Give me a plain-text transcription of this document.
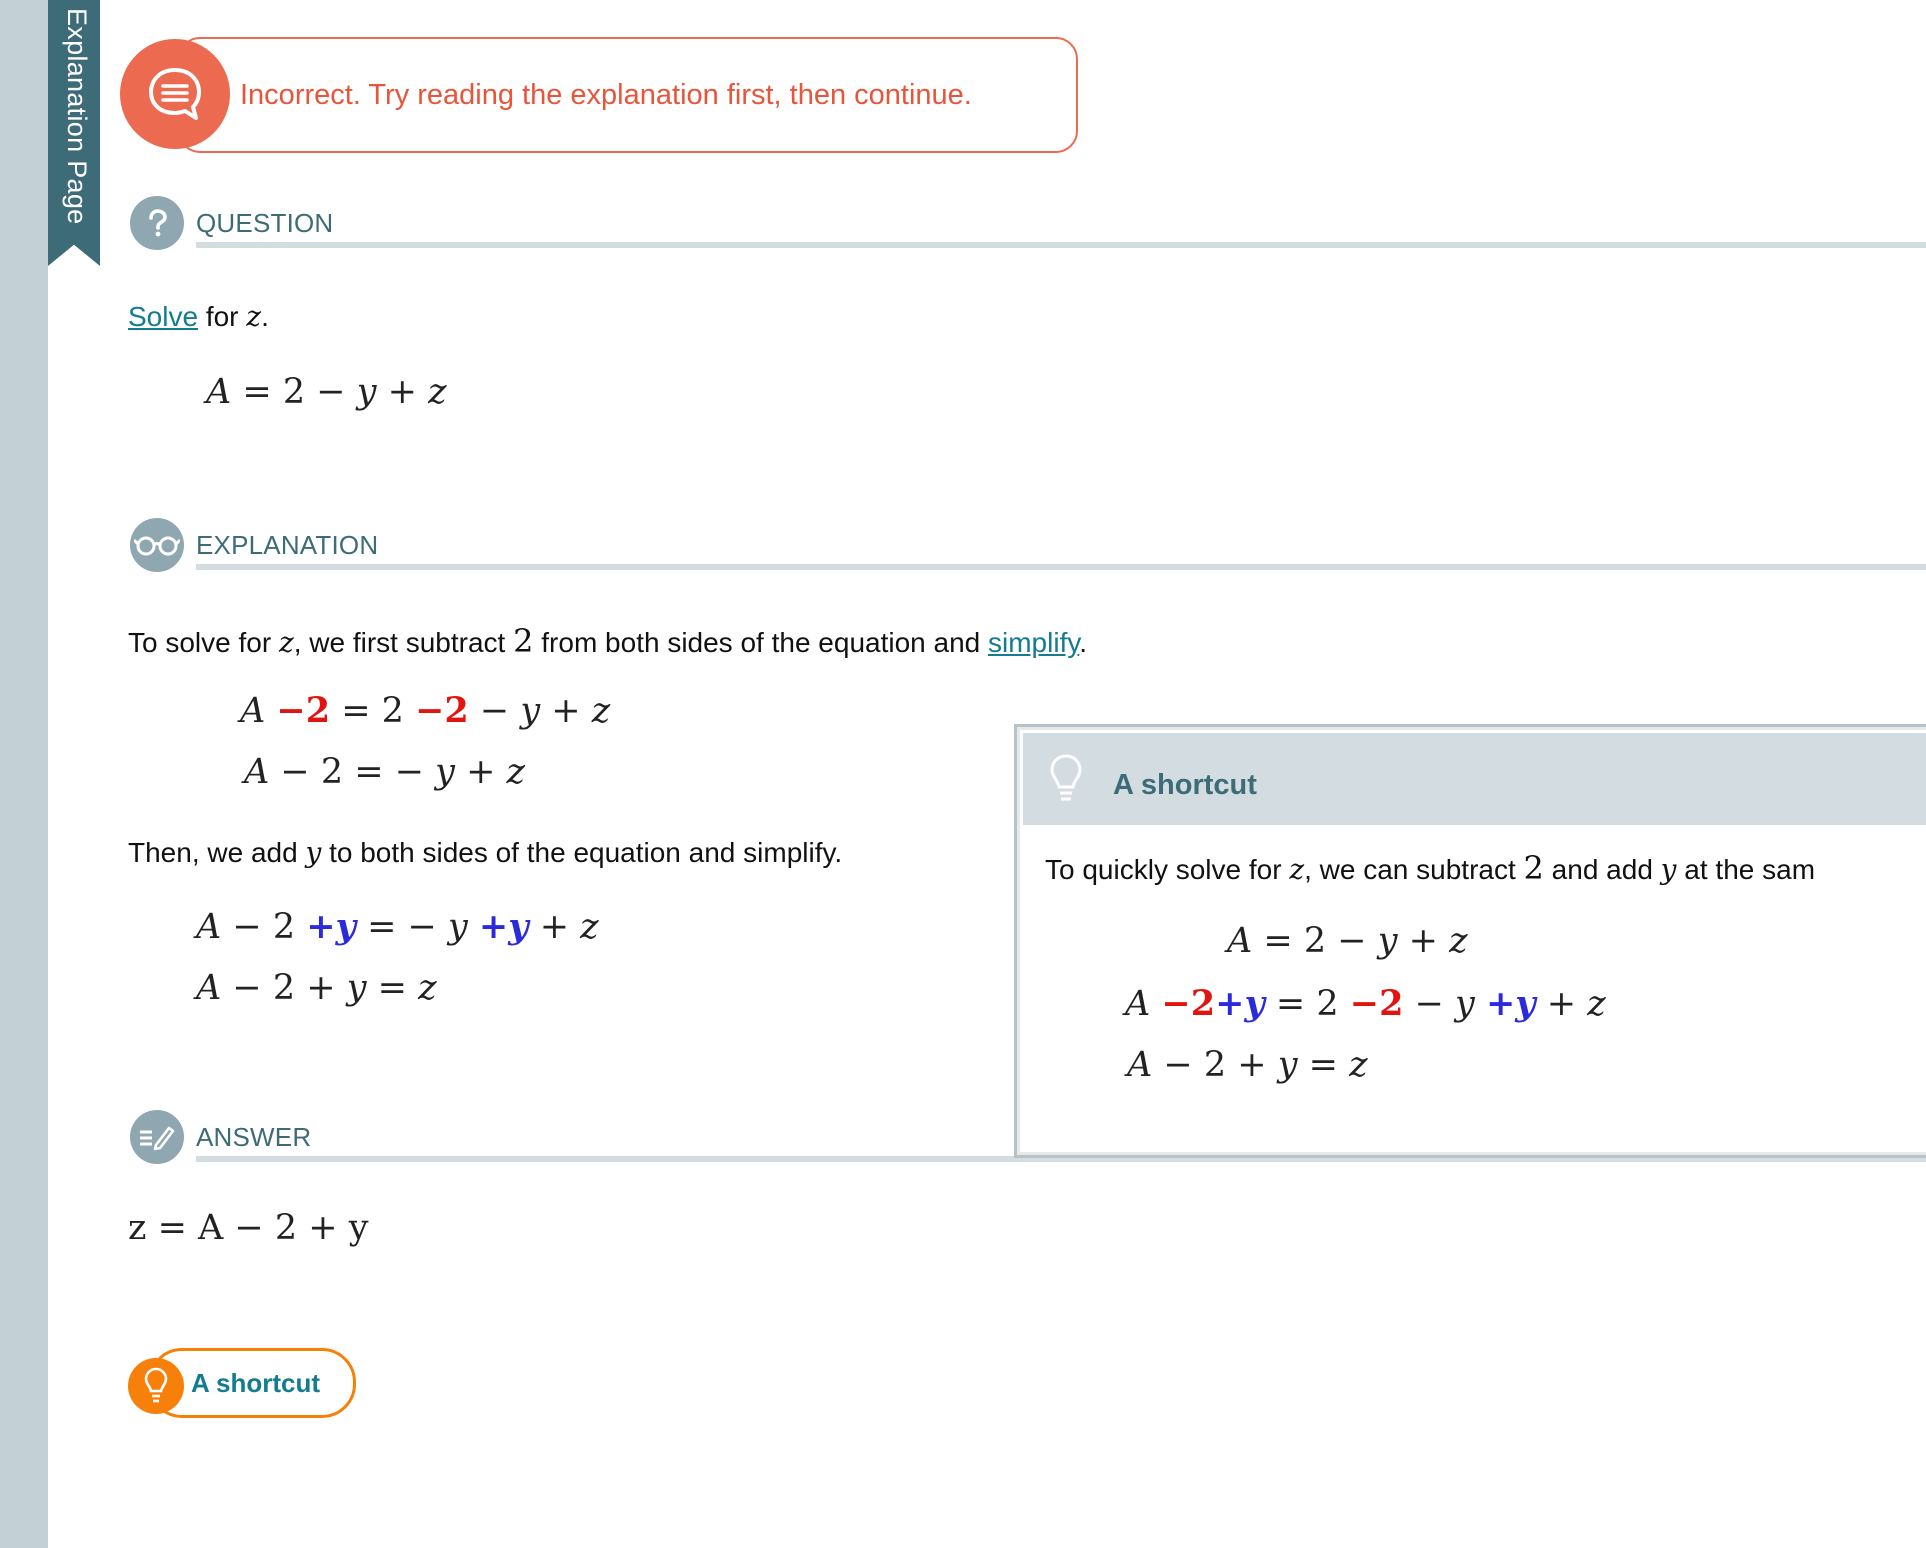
Explanation Page	Incorrect. Try reading the explanation first, then continue.
QUESTION
Solve for z.
A = 2 − y + z
EXPLANATION
To solve for z, we first subtract 2 from both sides of the equation and simplify.
A −2 = 2 −2 − y + z
A − 2 = − y + z
Then, we add y to both sides of the equation and simplify.
A − 2 +y = − y +y + z
A − 2 + y = z
ANSWER
z = A − 2 + y
A shortcut
To quickly solve for z, we can subtract 2 and add y at the sam
A = 2 − y + z
A −2+y = 2 −2 − y +y + z
A − 2 + y = z
A shortcut
